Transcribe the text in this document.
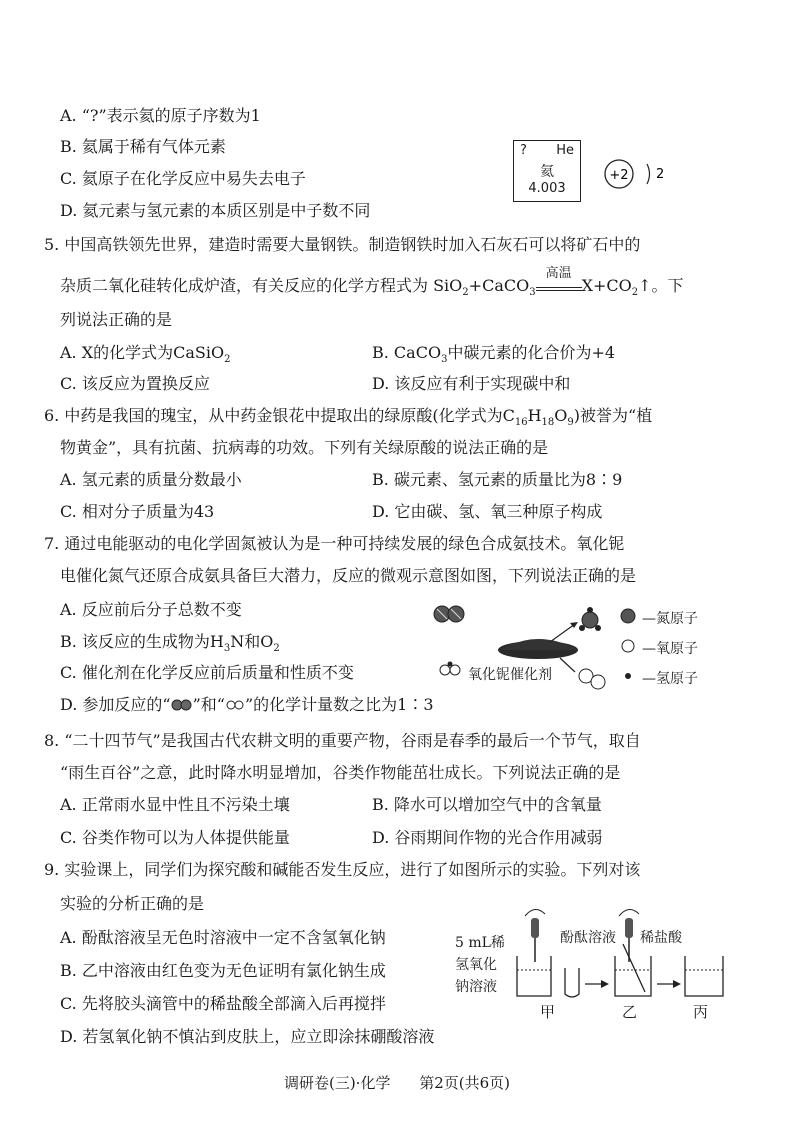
A. “?”表示氦的原子序数为1
B. 氦属于稀有气体元素
C. 氦原子在化学反应中易失去电子
D. 氦元素与氢元素的本质区别是中子数不同
? He
氦
4.003
+2 2
5. 中国高铁领先世界，建造时需要大量钢铁。制造钢铁时加入石灰石可以将矿石中的
杂质二氧化硅转化成炉渣，有关反应的化学方程式为 SiO$_2$+CaCO$_3$
高温
$X+CO_2↑$。下
列说法正确的是
A. X的化学式为CaSiO$_2$	B. CaCO$_3$中碳元素的化合价为+4
C. 该反应为置换反应	D. 该反应有利于实现碳中和
6. 中药是我国的瑰宝，从中药金银花中提取出的绿原酸(化学式为$C_{16}H_{18}O_9$)被誉为“植
物黄金”，具有抗菌、抗病毒的功效。下列有关绿原酸的说法正确的是
A. 氢元素的质量分数最小	B. 碳元素、氢元素的质量比为8∶9
C. 相对分子质量为43	D. 它由碳、氢、氧三种原子构成
7. 通过电能驱动的电化学固氮被认为是一种可持续发展的绿色合成氨技术。氧化铌
电催化氮气还原合成氨具备巨大潜力，反应的微观示意图如图，下列说法正确的是
A. 反应前后分子总数不变
B. 该反应的生成物为$H_3N$和$O_2$
C. 催化剂在化学反应前后质量和性质不变
D. 参加反应的“ ”和“ ”的化学计量数之比为1∶3
—氮原子
—氧原子
—氢原子
氧化铌催化剂
8. “二十四节气”是我国古代农耕文明的重要产物，谷雨是春季的最后一个节气，取自
“雨生百谷”之意，此时降水明显增加，谷类作物能茁壮成长。下列说法正确的是
A. 正常雨水显中性且不污染土壤	B. 降水可以增加空气中的含氧量
C. 谷类作物可以为人体提供能量	D. 谷雨期间作物的光合作用减弱
9. 实验课上，同学们为探究酸和碱能否发生反应，进行了如图所示的实验。下列对该
实验的分析正确的是
A. 酚酞溶液呈无色时溶液中一定不含氢氧化钠
B. 乙中溶液由红色变为无色证明有氯化钠生成
C. 先将胶头滴管中的稀盐酸全部滴入后再搅拌
D. 若氢氧化钠不慎沾到皮肤上，应立即涂抹硼酸溶液
5 mL稀
氢氧化
钠溶液
酚酞溶液 稀盐酸
甲	乙	丙
调研卷(三)·化学 第2页(共6页)
